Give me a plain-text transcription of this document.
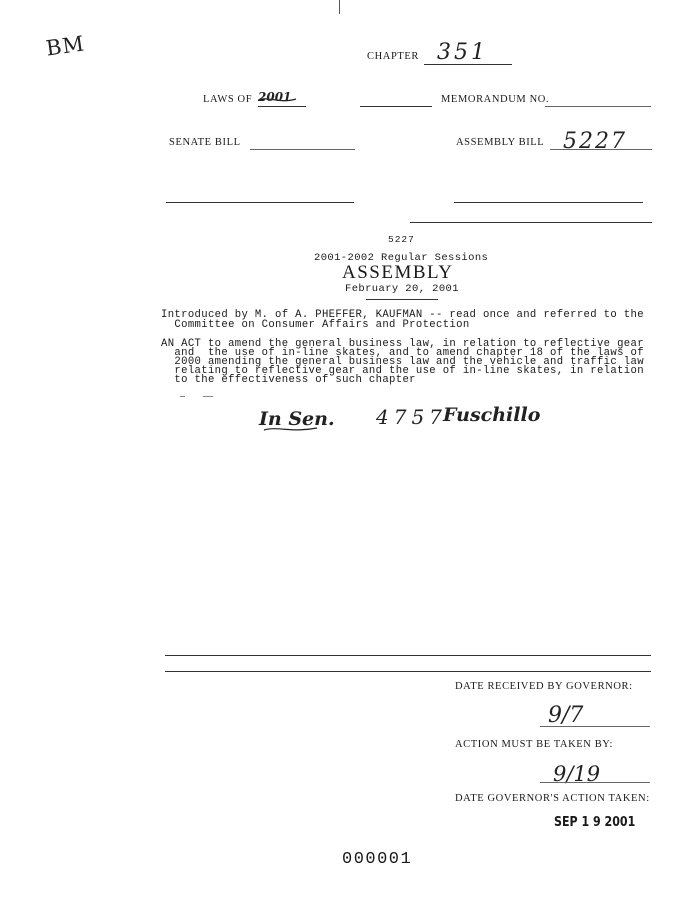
BM	CHAPTER 351
LAWS OF 2001	MEMORANDUM NO.
SENATE BILL	ASSEMBLY BILL 5227
5227
2001-2002 Regular Sessions
ASSEMBLY
February 20, 2001
Introduced by M. of A. PHEFFER, KAUFMAN -- read once and referred to the
Committee on Consumer Affairs and Protection
AN ACT to amend the general business law, in relation to reflective gear
and  the use of in-line skates, and to amend chapter 18 of the laws of
2000 amending the general business law and the vehicle and traffic law
relating to reflective gear and the use of in-line skates, in relation
to the effectiveness of such chapter
In Sen. 4757
Fuschillo
DATE RECEIVED BY GOVERNOR:
9/7
ACTION MUST BE TAKEN BY:
9/19
DATE GOVERNOR'S ACTION TAKEN:
SEP 1 9 2001
000001
